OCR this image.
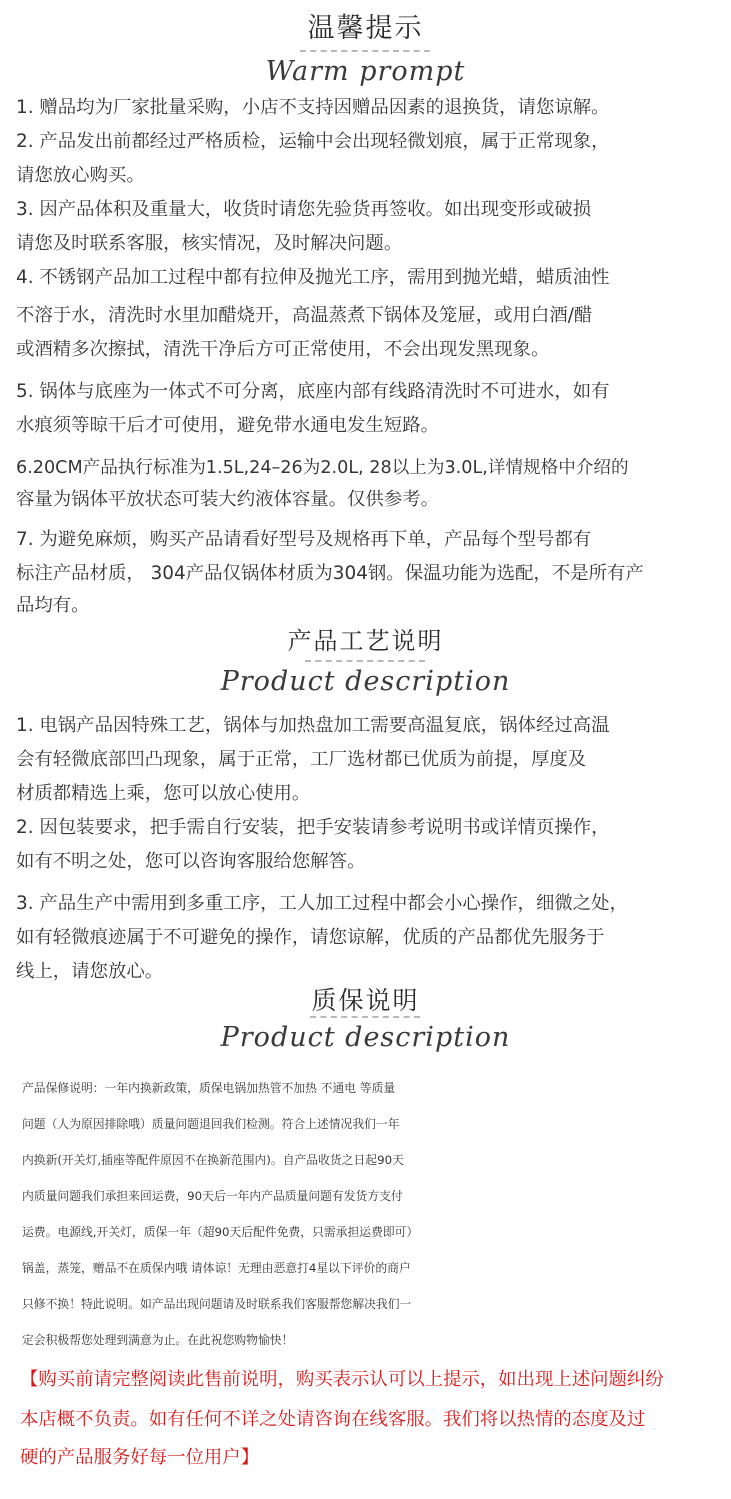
温馨提示
Warm prompt
1. 赠品均为厂家批量采购，小店不支持因赠品因素的退换货，请您谅解。
2. 产品发出前都经过严格质检，运输中会出现轻微划痕，属于正常现象，
请您放心购买。
3. 因产品体积及重量大，收货时请您先验货再签收。如出现变形或破损
请您及时联系客服，核实情况，及时解决问题。
4. 不锈钢产品加工过程中都有拉伸及抛光工序，需用到抛光蜡，蜡质油性
不溶于水，清洗时水里加醋烧开，高温蒸煮下锅体及笼屉，或用白酒/醋
或酒精多次擦拭，清洗干净后方可正常使用，不会出现发黑现象。
5. 锅体与底座为一体式不可分离，底座内部有线路清洗时不可进水，如有
水痕须等晾干后才可使用，避免带水通电发生短路。
6.20CM产品执行标准为1.5L,24–26为2.0L, 28以上为3.0L,详情规格中介绍的
容量为锅体平放状态可装大约液体容量。仅供参考。
7. 为避免麻烦，购买产品请看好型号及规格再下单，产品每个型号都有
标注产品材质， 304产品仅锅体材质为304钢。保温功能为选配，不是所有产
品均有。
产品工艺说明
Product description
1. 电锅产品因特殊工艺，锅体与加热盘加工需要高温复底，锅体经过高温
会有轻微底部凹凸现象，属于正常，工厂选材都已优质为前提，厚度及
材质都精选上乘，您可以放心使用。
2. 因包装要求，把手需自行安装，把手安装请参考说明书或详情页操作，
如有不明之处，您可以咨询客服给您解答。
3. 产品生产中需用到多重工序，工人加工过程中都会小心操作，细微之处，
如有轻微痕迹属于不可避免的操作，请您谅解，优质的产品都优先服务于
线上，请您放心。
质保说明
Product description
产品保修说明：一年内换新政策，质保电锅加热管不加热 不通电 等质量
问题（人为原因排除哦）质量问题退回我们检测。符合上述情况我们一年
内换新(开关灯,插座等配件原因不在换新范围内)。自产品收货之日起90天
内质量问题我们承担来回运费，90天后一年内产品质量问题有发货方支付
运费。电源线,开关灯，质保一年（超90天后配件免费，只需承担运费即可）
锅盖，蒸笼，赠品不在质保内哦 请体谅！无理由恶意打4星以下评价的商户
只修不换！特此说明。如产品出现问题请及时联系我们客服帮您解决我们一
定会积极帮您处理到满意为止。在此祝您购物愉快！
【购买前请完整阅读此售前说明，购买表示认可以上提示，如出现上述问题纠纷
本店概不负责。如有任何不详之处请咨询在线客服。我们将以热情的态度及过
硬的产品服务好每一位用户】
